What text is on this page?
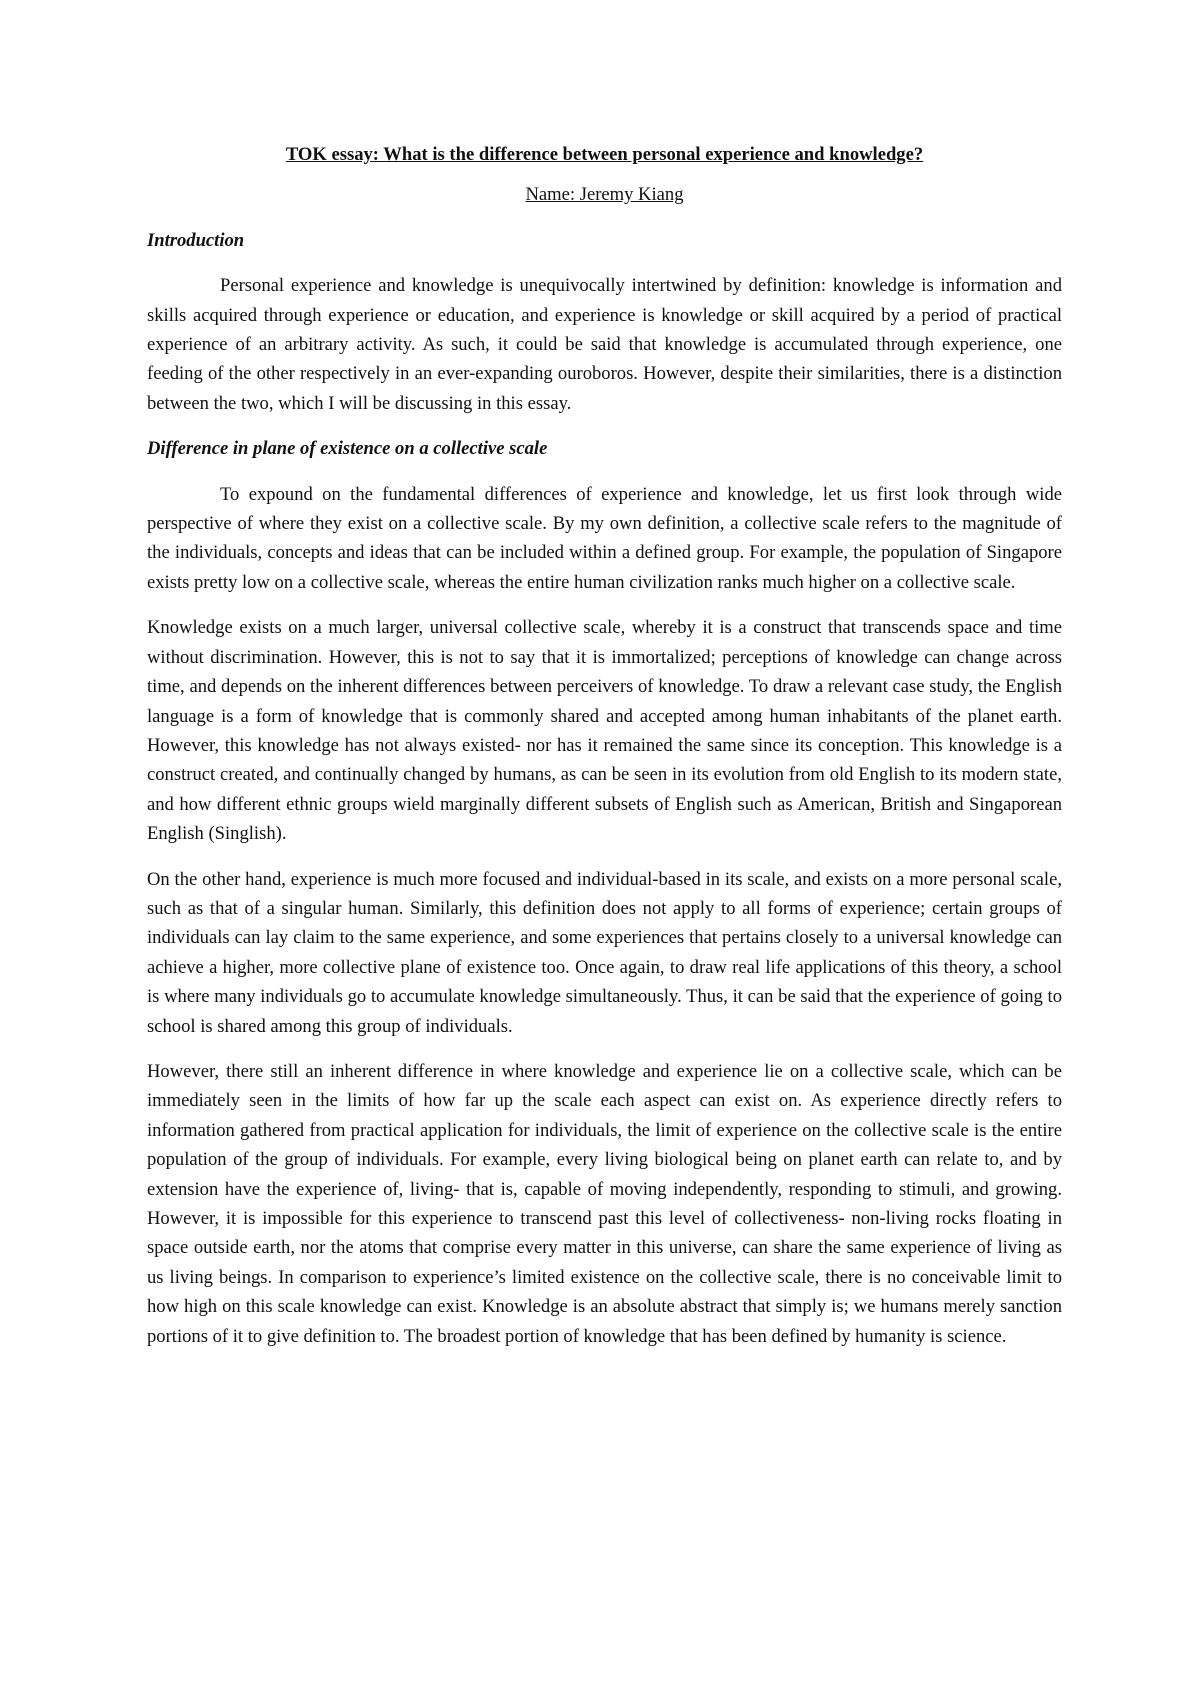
TOK essay: What is the difference between personal experience and knowledge?

Name: Jeremy Kiang

Introduction

Personal experience and knowledge is unequivocally intertwined by definition: knowledge is information and skills acquired through experience or education, and experience is knowledge or skill acquired by a period of practical experience of an arbitrary activity. As such, it could be said that knowledge is accumulated through experience, one feeding of the other respectively in an ever-expanding ouroboros. However, despite their similarities, there is a distinction between the two, which I will be discussing in this essay.

Difference in plane of existence on a collective scale

To expound on the fundamental differences of experience and knowledge, let us first look through wide perspective of where they exist on a collective scale. By my own definition, a collective scale refers to the magnitude of the individuals, concepts and ideas that can be included within a defined group. For example, the population of Singapore exists pretty low on a collective scale, whereas the entire human civilization ranks much higher on a collective scale.

Knowledge exists on a much larger, universal collective scale, whereby it is a construct that transcends space and time without discrimination. However, this is not to say that it is immortalized; perceptions of knowledge can change across time, and depends on the inherent differences between perceivers of knowledge. To draw a relevant case study, the English language is a form of knowledge that is commonly shared and accepted among human inhabitants of the planet earth. However, this knowledge has not always existed- nor has it remained the same since its conception. This knowledge is a construct created, and continually changed by humans, as can be seen in its evolution from old English to its modern state, and how different ethnic groups wield marginally different subsets of English such as American, British and Singaporean English (Singlish).

On the other hand, experience is much more focused and individual-based in its scale, and exists on a more personal scale, such as that of a singular human. Similarly, this definition does not apply to all forms of experience; certain groups of individuals can lay claim to the same experience, and some experiences that pertains closely to a universal knowledge can achieve a higher, more collective plane of existence too. Once again, to draw real life applications of this theory, a school is where many individuals go to accumulate knowledge simultaneously. Thus, it can be said that the experience of going to school is shared among this group of individuals.

However, there still an inherent difference in where knowledge and experience lie on a collective scale, which can be immediately seen in the limits of how far up the scale each aspect can exist on. As experience directly refers to information gathered from practical application for individuals, the limit of experience on the collective scale is the entire population of the group of individuals. For example, every living biological being on planet earth can relate to, and by extension have the experience of, living- that is, capable of moving independently, responding to stimuli, and growing. However, it is impossible for this experience to transcend past this level of collectiveness- non-living rocks floating in space outside earth, nor the atoms that comprise every matter in this universe, can share the same experience of living as us living beings. In comparison to experience’s limited existence on the collective scale, there is no conceivable limit to how high on this scale knowledge can exist. Knowledge is an absolute abstract that simply is; we humans merely sanction portions of it to give definition to. The broadest portion of knowledge that has been defined by humanity is science.
